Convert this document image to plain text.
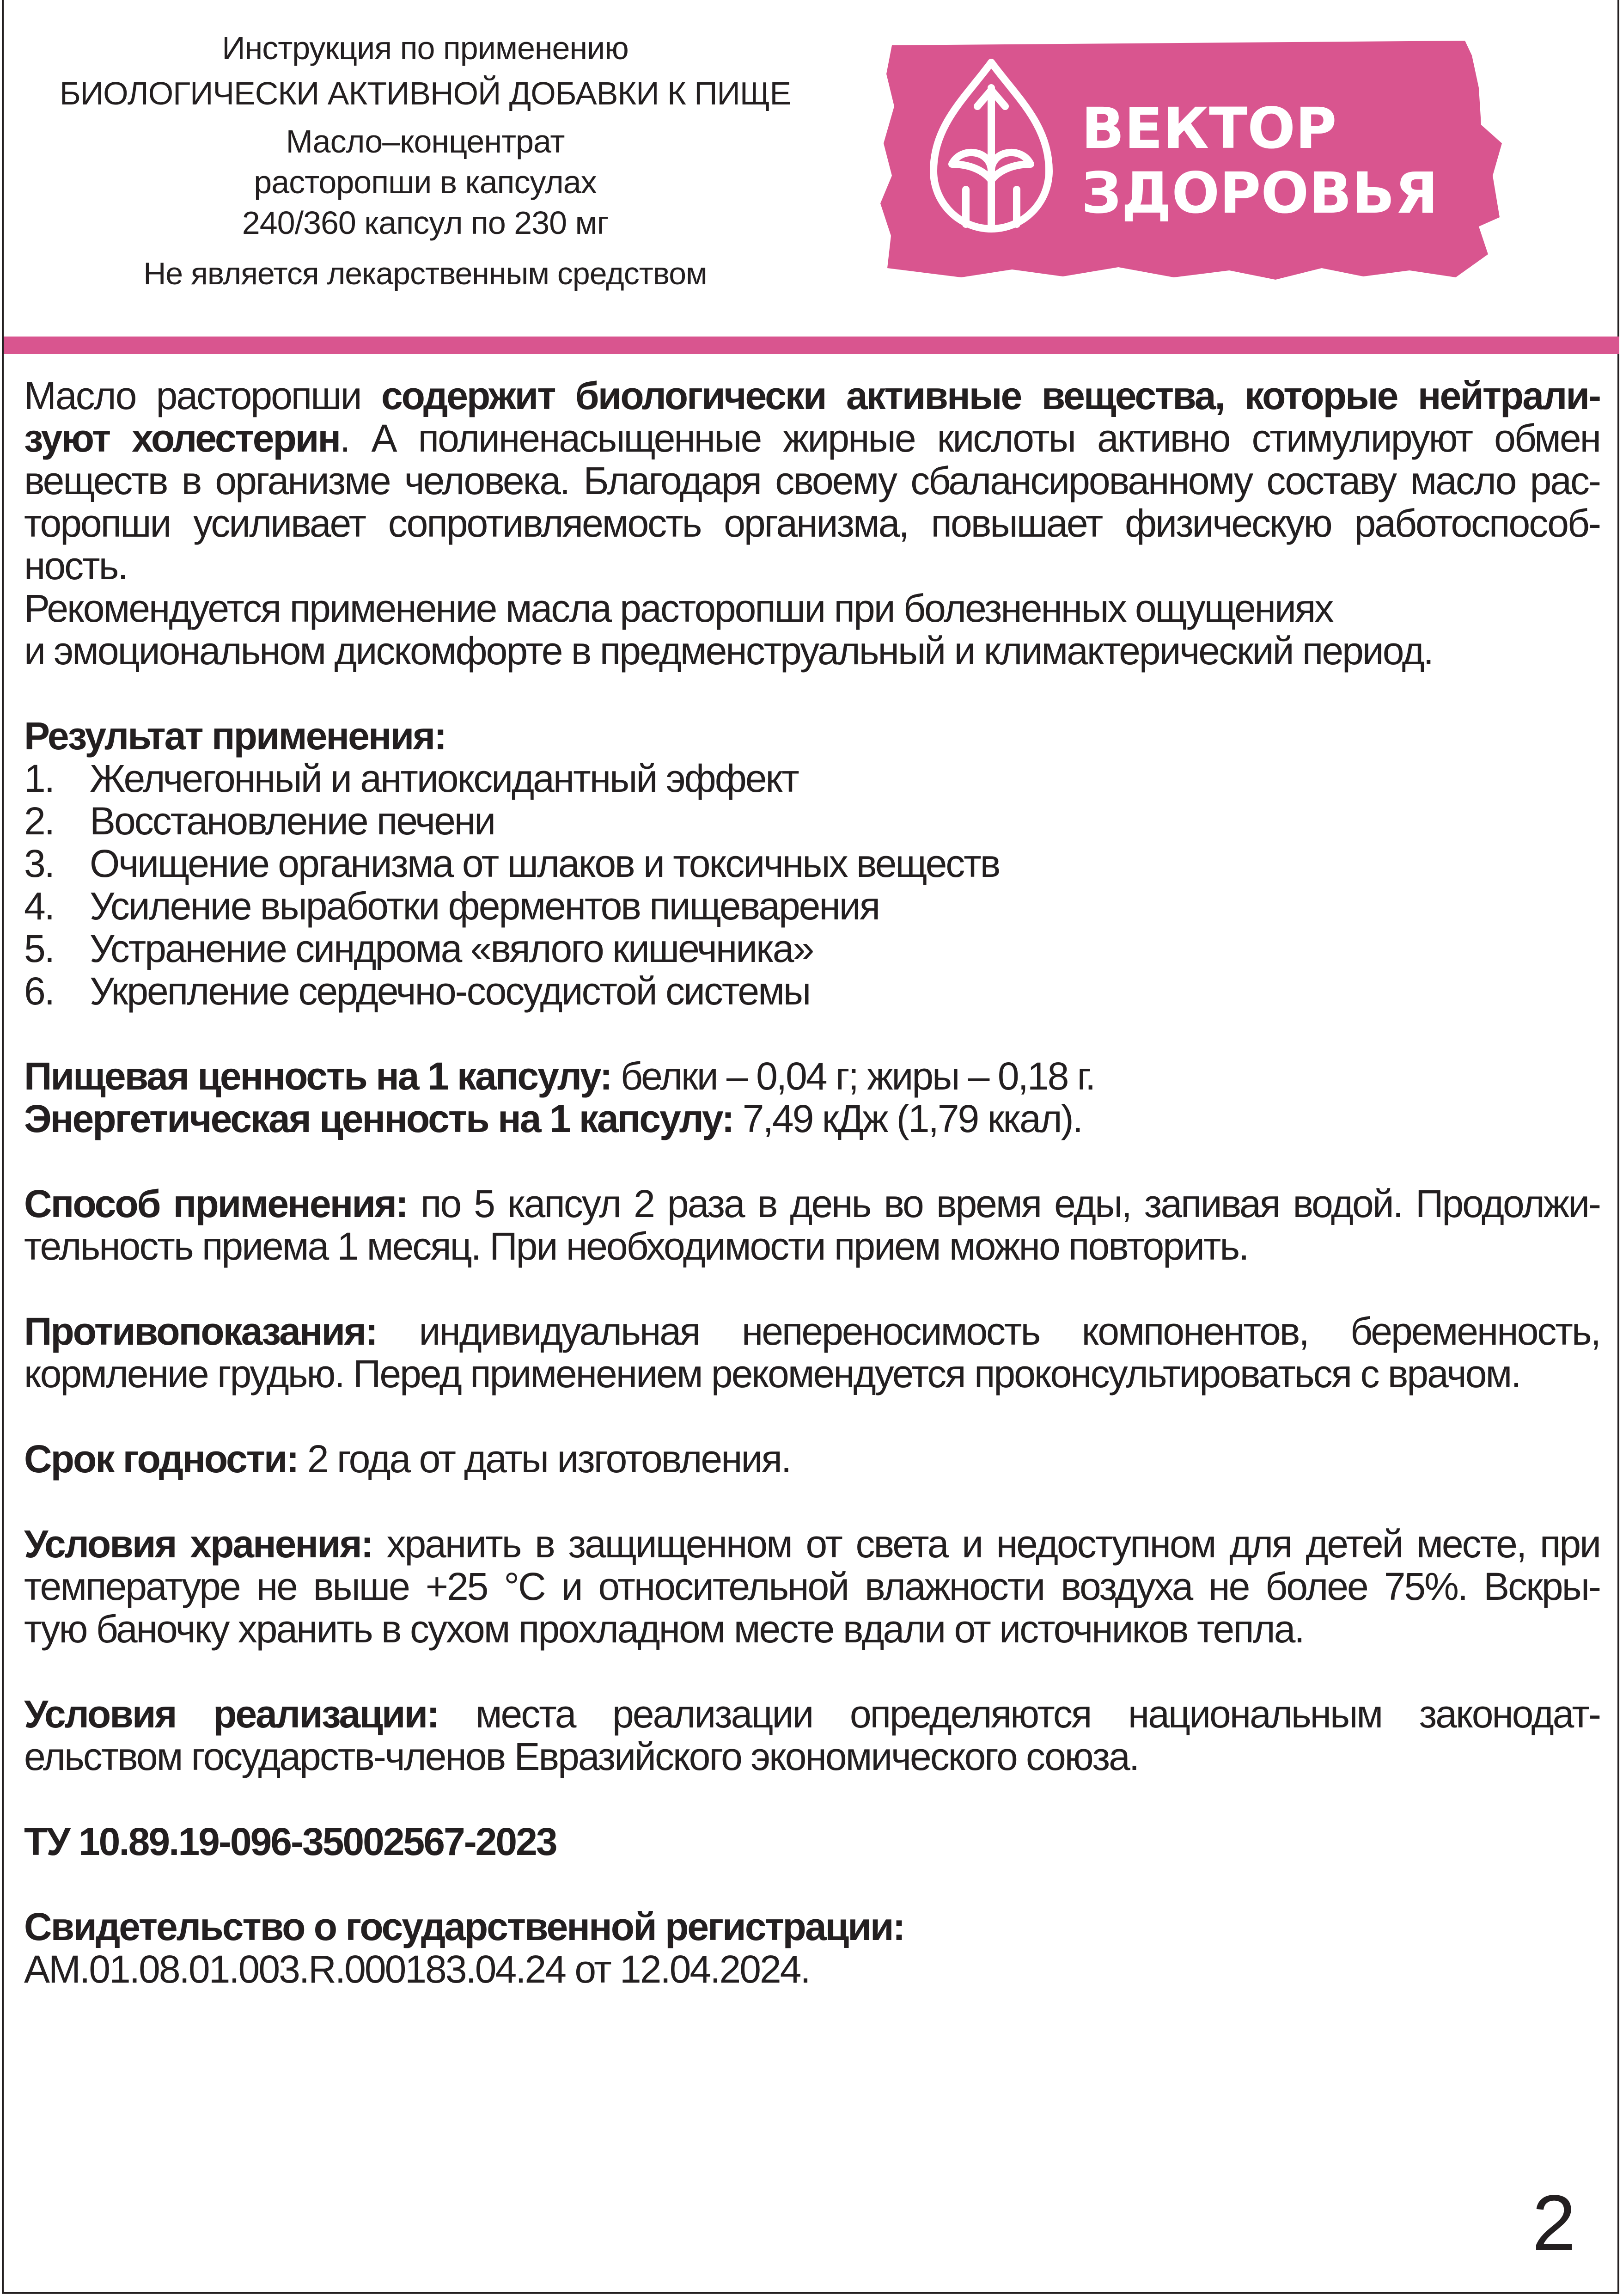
Инструкция по применению
БИОЛОГИЧЕСКИ АКТИВНОЙ ДОБАВКИ К ПИЩЕ
Масло–концентрат
расторопши в капсулах
240/360 капсул по 230 мг
Не является лекарственным средством
ВЕКТОР
ЗДОРОВЬЯ

Масло расторопши содержит биологически активные вещества, которые нейтрали-

зуют холестерин. А полиненасыщенные жирные кислоты активно стимулируют обмен

веществ в организме человека. Благодаря своему сбалансированному составу масло рас-

торопши усиливает сопротивляемость организма, повышает физическую работоспособ-

ность.

Рекомендуется применение масла расторопши при болезненных ощущениях

и эмоциональном дискомфорте в предменструальный и климактерический период.

Результат применения:

1. Желчегонный и антиоксидантный эффект
2. Восстановление печени
3. Очищение организма от шлаков и токсичных веществ
4. Усиление выработки ферментов пищеварения
5. Устранение синдрома «вялого кишечника»
6. Укрепление сердечно-сосудистой системы

Пищевая ценность на 1 капсулу: белки – 0,04 г; жиры – 0,18 г.

Энергетическая ценность на 1 капсулу: 7,49 кДж (1,79 ккал).

Способ применения: по 5 капсул 2 раза в день во время еды, запивая водой. Продолжи-

тельность приема 1 месяц. При необходимости прием можно повторить.

Противопоказания: индивидуальная непереносимость компонентов, беременность,

кормление грудью. Перед применением рекомендуется проконсультироваться с врачом.

Срок годности: 2 года от даты изготовления.

Условия хранения: хранить в защищенном от света и недоступном для детей месте, при

температуре не выше +25 °С и относительной влажности воздуха не более 75%. Вскры-

тую баночку хранить в сухом прохладном месте вдали от источников тепла.

Условия реализации: места реализации определяются национальным законодат-

ельством государств-членов Евразийского экономического союза.

ТУ 10.89.19-096-35002567-2023

Свидетельство о государственной регистрации:

АМ.01.08.01.003.R.000183.04.24 от 12.04.2024.

2
